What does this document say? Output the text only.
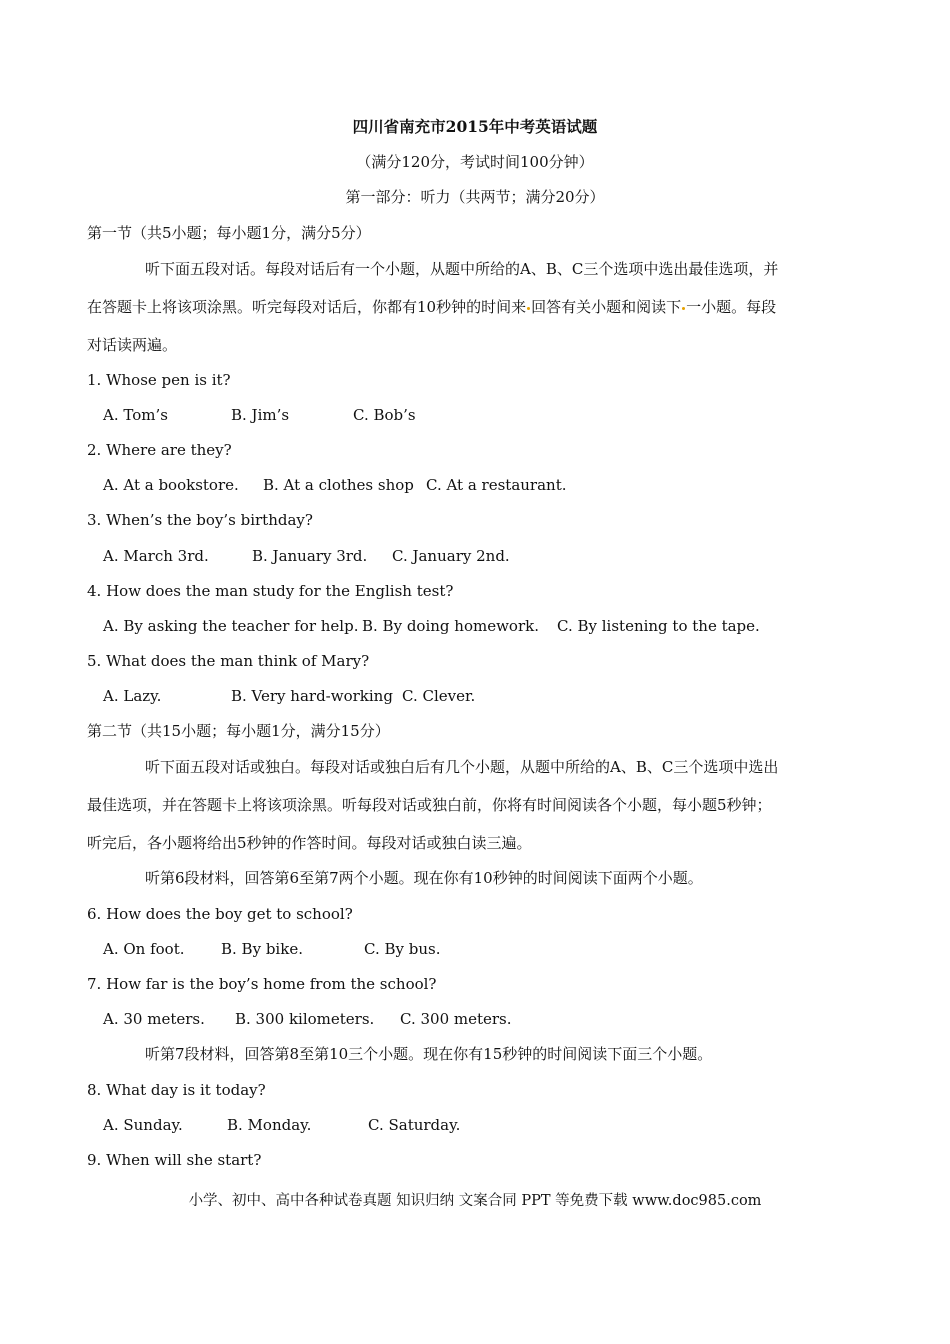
四川省南充市2015年中考英语试题
（满分120分，考试时间100分钟）
第一部分：听力（共两节；满分20分）
第一节（共5小题；每小题1分，满分5分）
听下面五段对话。每段对话后有一个小题，从题中所给的A、B、C三个选项中选出最佳选项，并
在答题卡上将该项涂黑。听完每段对话后，你都有10秒钟的时间来 回答有关小题和阅读下 一小题。每段
对话读两遍。
1. Whose pen is it?
A. Tom’s	B. Jim’s	C. Bob’s
2. Where are they?
A. At a bookstore. B. At a clothes shop C. At a restaurant.
3. When’s the boy’s birthday?
A. March 3rd.	B. January 3rd. C. January 2nd.
4. How does the man study for the English test?
A. By asking the teacher for help. B. By doing homework. C. By listening to the tape.
5. What does the man think of Mary?
A. Lazy.	B. Very hard-working C. Clever.
第二节（共15小题；每小题1分，满分15分）
听下面五段对话或独白。每段对话或独白后有几个小题，从题中所给的A、B、C三个选项中选出
最佳选项，并在答题卡上将该项涂黑。听每段对话或独白前，你将有时间阅读各个小题，每小题5秒钟；
听完后，各小题将给出5秒钟的作答时间。每段对话或独白读三遍。
听第6段材料，回答第6至第7两个小题。现在你有10秒钟的时间阅读下面两个小题。
6. How does the boy get to school?
A. On foot. B. By bike.	C. By bus.
7. How far is the boy’s home from the school?
A. 30 meters. B. 300 kilometers. C. 300 meters.
听第7段材料，回答第8至第10三个小题。现在你有15秒钟的时间阅读下面三个小题。
8. What day is it today?
A. Sunday.	B. Monday.	C. Saturday.
9. When will she start?
小学、初中、高中各种试卷真题 知识归纳 文案合同 PPT 等免费下载 www.doc985.com
